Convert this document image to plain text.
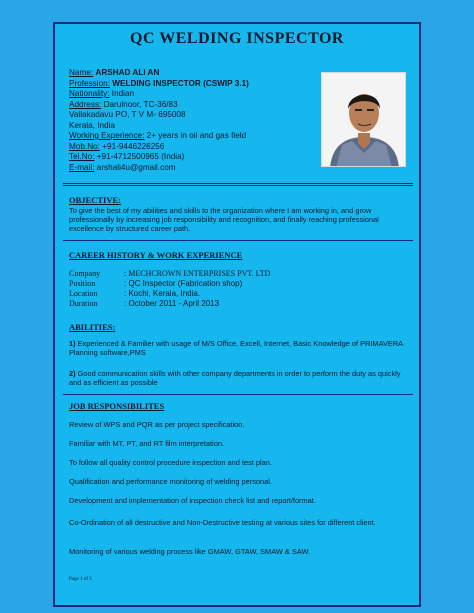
QC WELDING INSPECTOR
Name: ARSHAD ALI AN
Profession: WELDING INSPECTOR (CSWIP 3.1)
Nationality: Indian
Address: Darulnoor, TC-36/83
Vallakadavu PO, T V M- 695008
Kerala, India
Working Experience: 2+ years in oil and gas field
Mob.No: +91-9446226256
Tel.No: +91-4712500965 (India)
E-mail: arshali4u@gmail.com
OBJECTIVE:
To give the best of my abilities and skills to the organization where I am working in, and grow professionally by increasing job responsibility and recognition, and finally reaching professional excellence by structured career path.
CAREER HISTORY & WORK EXPERIENCE
Company	: MECHCROWN ENTERPRISES PVT. LTD
Position	: QC Inspector (Fabrication shop)
Location	: Kochi, Kerala, India.
Duration	: October 2011 - April 2013
ABILITIES:
1) Experienced & Familier with usage of M/S Office, Excell, Internet, Basic Knowledge of PRIMAVERA Planning software,PMS
2) Good communication skills with other company departments in order to perform the duty as quickly and as efficient as possible
JOB RESPONSIBILITES
Review of WPS and PQR as per project specification.
Familiar with MT, PT, and RT film interpretation.
To follow all quality control procedure inspection and test plan.
Qualification and performance monitoring of welding personal.
Development and implementation of inspection check list and report/format.
Co-Ordination of all destructive and Non-Destructive testing at various sites for different client.
Monitoring of various welding process like GMAW, GTAW, SMAW & SAW.
Page 1 of 3
